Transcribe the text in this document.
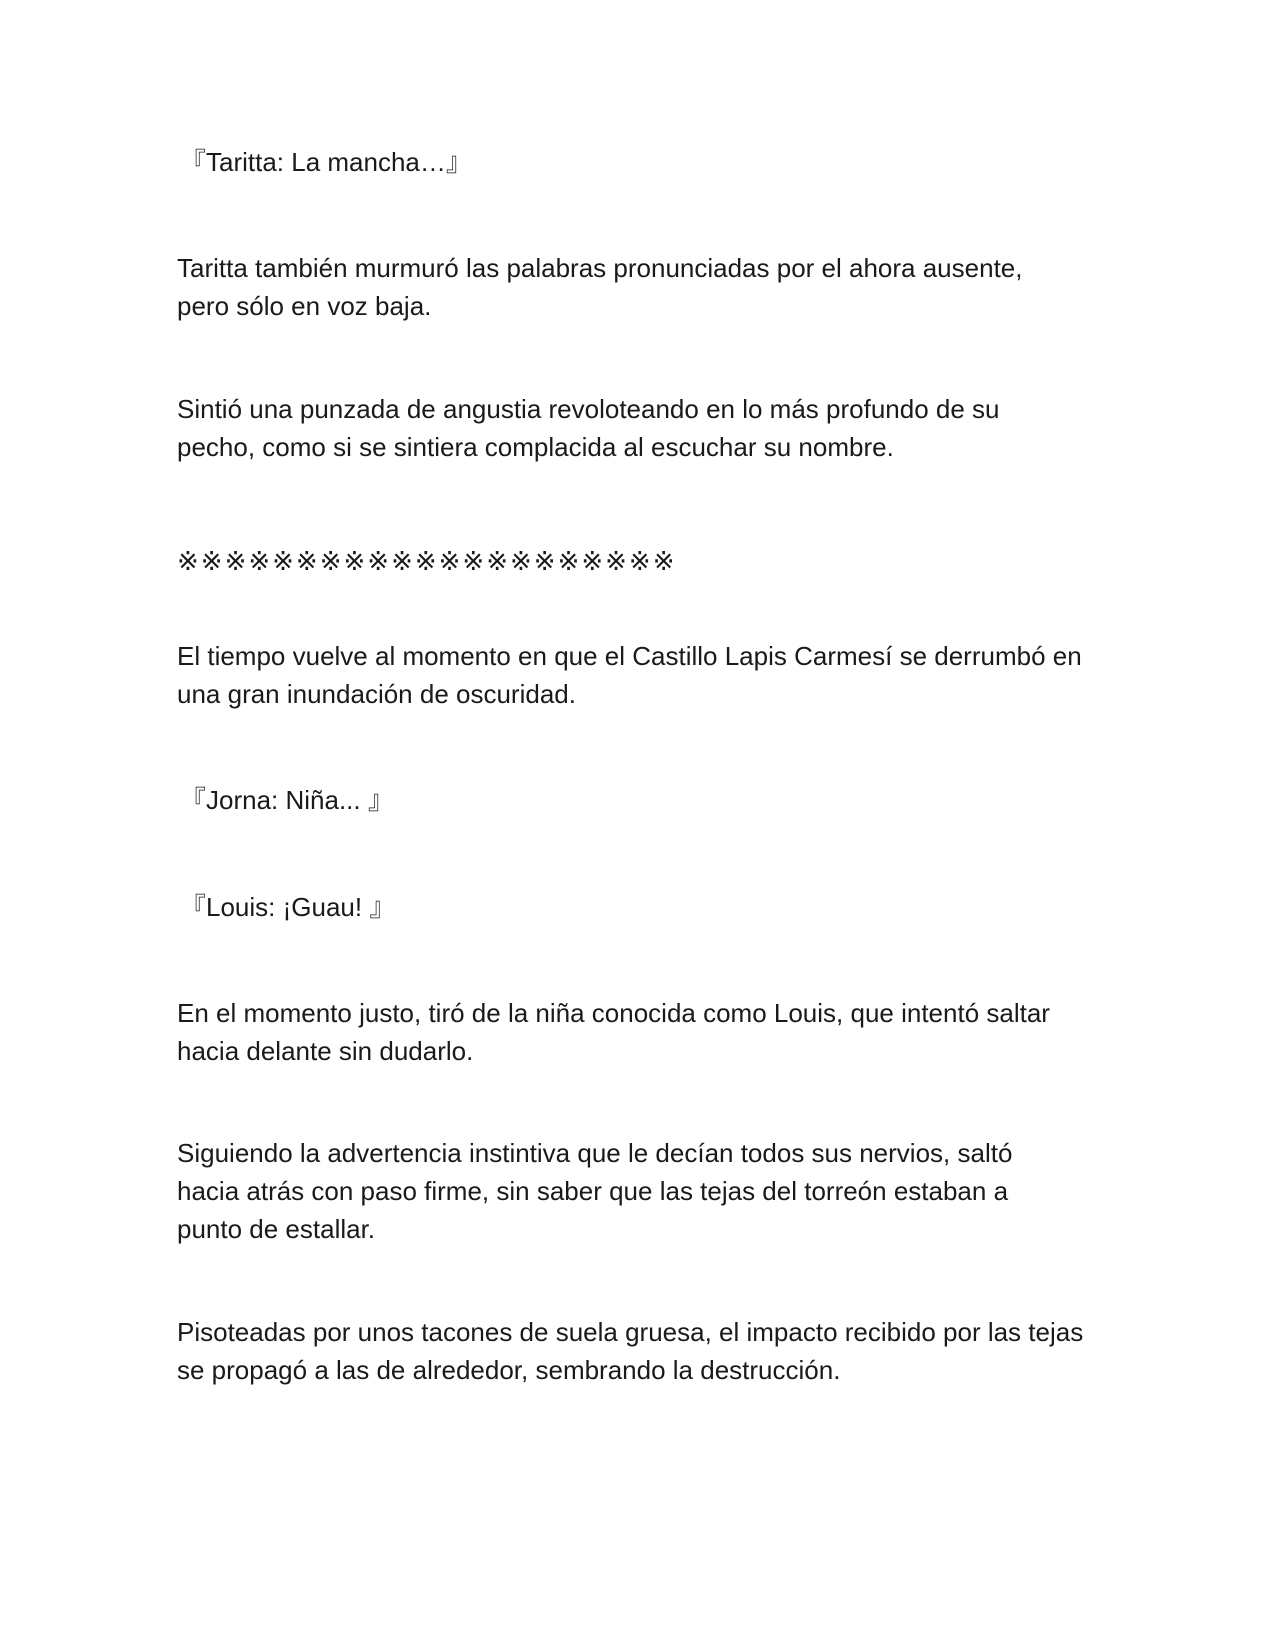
『Taritta: La mancha…』
Taritta también murmuró las palabras pronunciadas por el ahora ausente,
pero sólo en voz baja.
Sintió una punzada de angustia revoloteando en lo más profundo de su
pecho, como si se sintiera complacida al escuchar su nombre.
※※※※※※※※※※※※※※※※※※※※※
El tiempo vuelve al momento en que el Castillo Lapis Carmesí se derrumbó en
una gran inundación de oscuridad.
『Jorna: Niña... 』
『Louis: ¡Guau! 』
En el momento justo, tiró de la niña conocida como Louis, que intentó saltar
hacia delante sin dudarlo.
Siguiendo la advertencia instintiva que le decían todos sus nervios, saltó
hacia atrás con paso firme, sin saber que las tejas del torreón estaban a
punto de estallar.
Pisoteadas por unos tacones de suela gruesa, el impacto recibido por las tejas
se propagó a las de alrededor, sembrando la destrucción.
